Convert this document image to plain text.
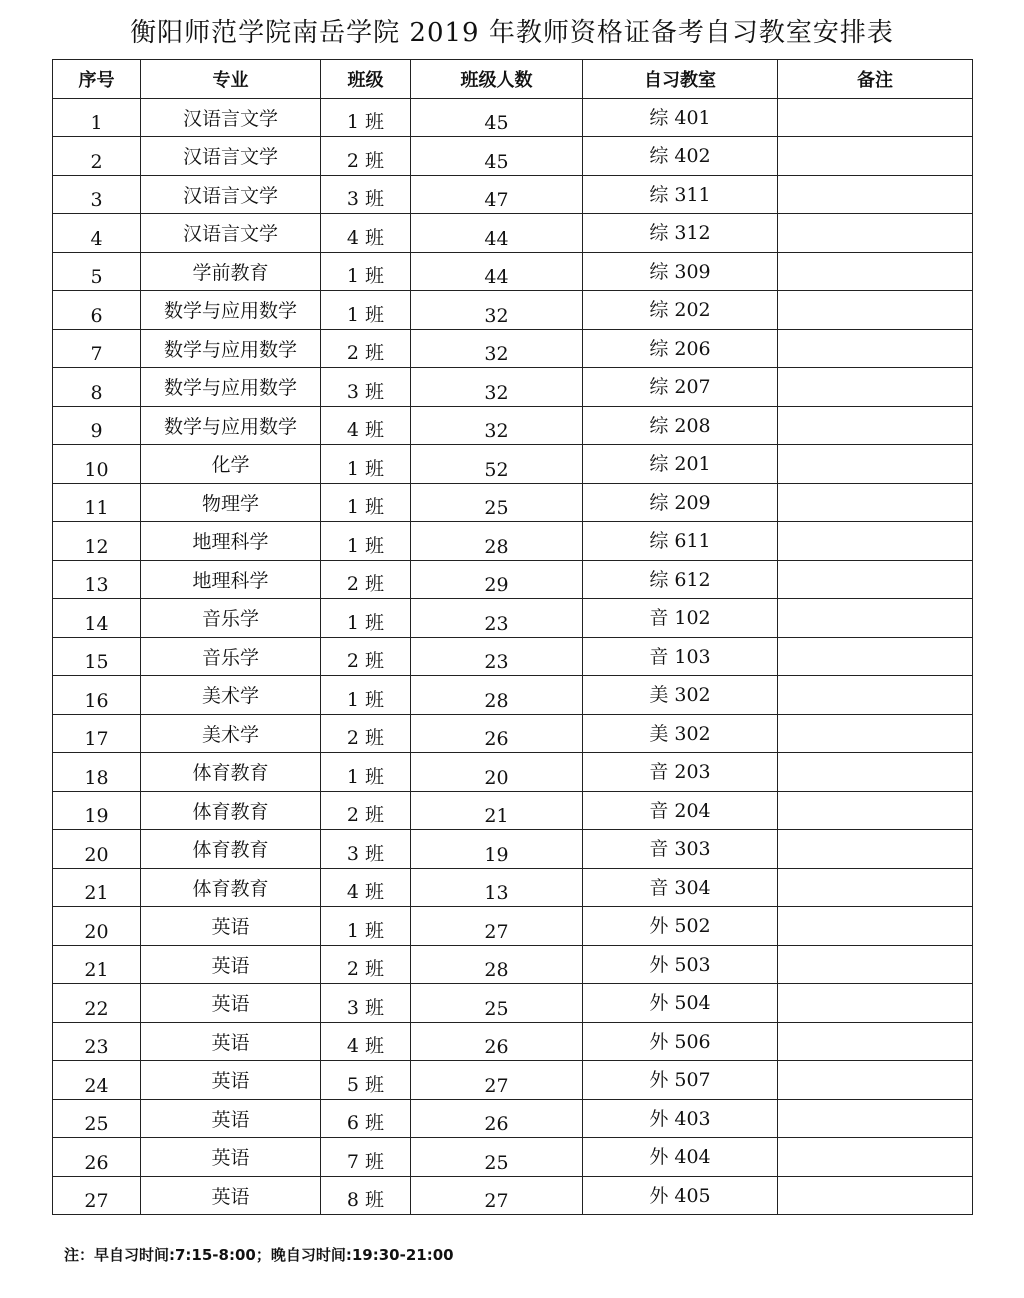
衡阳师范学院南岳学院 2019 年教师资格证备考自习教室安排表
序号	专业	班级	班级人数	自习教室	备注
1	汉语言文学	1 班	45	综 401	
2	汉语言文学	2 班	45	综 402	
3	汉语言文学	3 班	47	综 311	
4	汉语言文学	4 班	44	综 312	
5	学前教育	1 班	44	综 309	
6	数学与应用数学	1 班	32	综 202	
7	数学与应用数学	2 班	32	综 206	
8	数学与应用数学	3 班	32	综 207	
9	数学与应用数学	4 班	32	综 208	
10	化学	1 班	52	综 201	
11	物理学	1 班	25	综 209	
12	地理科学	1 班	28	综 611	
13	地理科学	2 班	29	综 612	
14	音乐学	1 班	23	音 102	
15	音乐学	2 班	23	音 103	
16	美术学	1 班	28	美 302	
17	美术学	2 班	26	美 302	
18	体育教育	1 班	20	音 203	
19	体育教育	2 班	21	音 204	
20	体育教育	3 班	19	音 303	
21	体育教育	4 班	13	音 304	
20	英语	1 班	27	外 502	
21	英语	2 班	28	外 503	
22	英语	3 班	25	外 504	
23	英语	4 班	26	外 506	
24	英语	5 班	27	外 507	
25	英语	6 班	26	外 403	
26	英语	7 班	25	外 404	
27	英语	8 班	27	外 405	
注：早自习时间:7:15-8:00；晚自习时间:19:30-21:00
